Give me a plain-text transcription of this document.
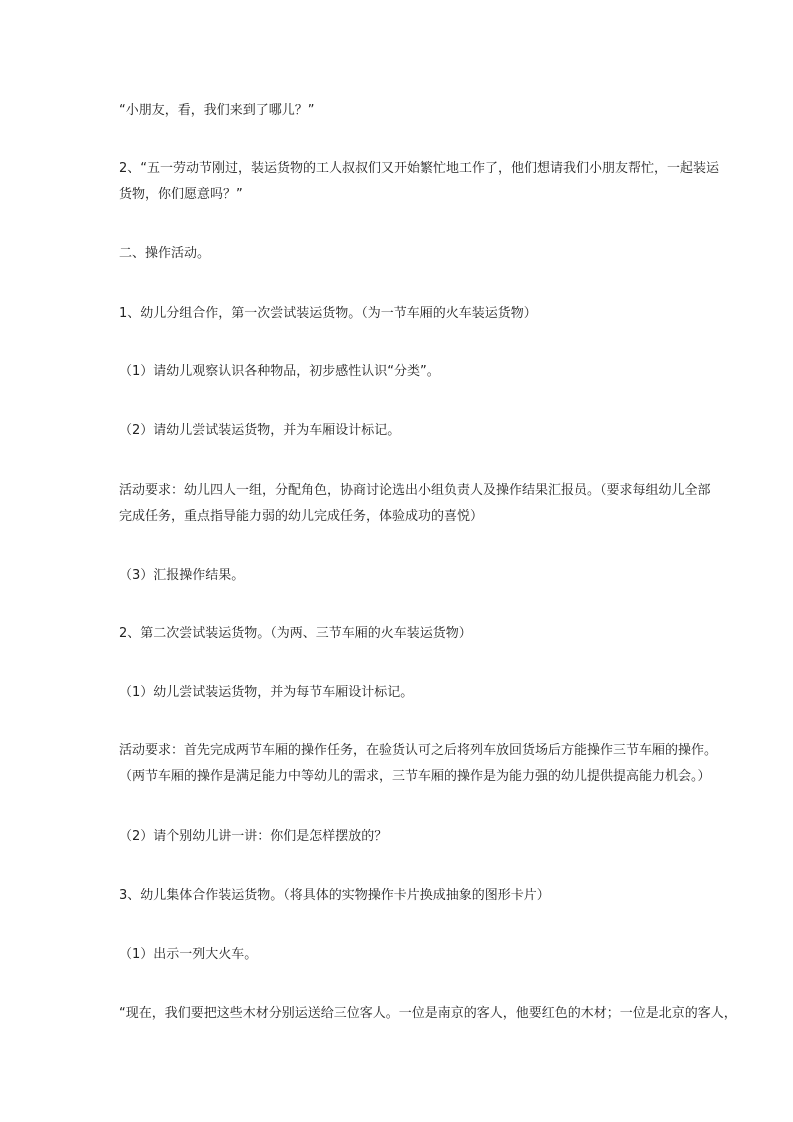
“小朋友，看，我们来到了哪儿？”
2、“五一劳动节刚过，装运货物的工人叔叔们又开始繁忙地工作了，他们想请我们小朋友帮忙，一起装运
货物，你们愿意吗？”
二、操作活动。
1、幼儿分组合作，第一次尝试装运货物。（为一节车厢的火车装运货物）
（1）请幼儿观察认识各种物品，初步感性认识“分类”。
（2）请幼儿尝试装运货物，并为车厢设计标记。
活动要求：幼儿四人一组，分配角色，协商讨论选出小组负责人及操作结果汇报员。（要求每组幼儿全部
完成任务，重点指导能力弱的幼儿完成任务，体验成功的喜悦）
（3）汇报操作结果。
2、第二次尝试装运货物。（为两、三节车厢的火车装运货物）
（1）幼儿尝试装运货物，并为每节车厢设计标记。
活动要求：首先完成两节车厢的操作任务，在验货认可之后将列车放回货场后方能操作三节车厢的操作。
（两节车厢的操作是满足能力中等幼儿的需求，三节车厢的操作是为能力强的幼儿提供提高能力机会。）
（2）请个别幼儿讲一讲：你们是怎样摆放的？
3、幼儿集体合作装运货物。（将具体的实物操作卡片换成抽象的图形卡片）
（1）出示一列大火车。
“现在，我们要把这些木材分别运送给三位客人。一位是南京的客人，他要红色的木材；一位是北京的客人，
